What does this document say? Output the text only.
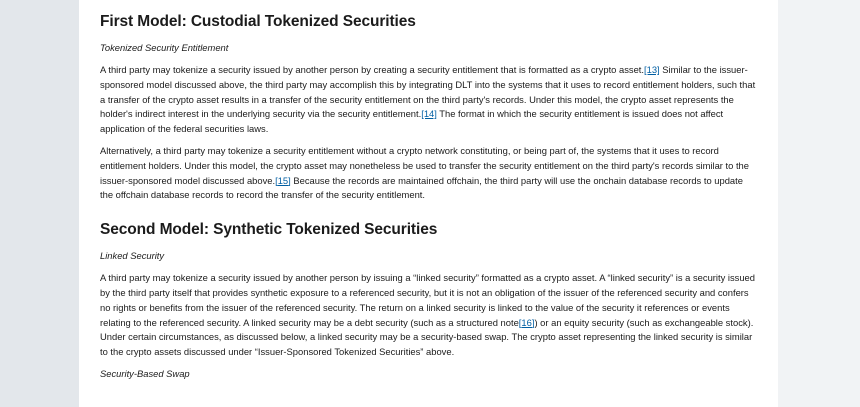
First Model: Custodial Tokenized Securities
Tokenized Security Entitlement

A third party may tokenize a security issued by another person by creating a security entitlement that is formatted as a crypto asset.[13] Similar to the issuer-sponsored model discussed above, the third party may accomplish this by integrating DLT into the systems that it uses to record entitlement holders, such that a transfer of the crypto asset results in a transfer of the security entitlement on the third party's records. Under this model, the crypto asset represents the holder's indirect interest in the underlying security via the security entitlement.[14] The format in which the security entitlement is issued does not affect application of the federal securities laws.

Alternatively, a third party may tokenize a security entitlement without a crypto network constituting, or being part of, the systems that it uses to record entitlement holders. Under this model, the crypto asset may nonetheless be used to transfer the security entitlement on the third party's records similar to the issuer-sponsored model discussed above.[15] Because the records are maintained offchain, the third party will use the onchain database records to update the offchain database records to record the transfer of the security entitlement.

Second Model: Synthetic Tokenized Securities
Linked Security

A third party may tokenize a security issued by another person by issuing a “linked security” formatted as a crypto asset. A “linked security” is a security issued by the third party itself that provides synthetic exposure to a referenced security, but it is not an obligation of the issuer of the referenced security and confers no rights or benefits from the issuer of the referenced security. The return on a linked security is linked to the value of the security it references or events relating to the referenced security. A linked security may be a debt security (such as a structured note[16]) or an equity security (such as exchangeable stock). Under certain circumstances, as discussed below, a linked security may be a security-based swap. The crypto asset representing the linked security is similar to the crypto assets discussed under “Issuer-Sponsored Tokenized Securities” above.

Security-Based Swap
